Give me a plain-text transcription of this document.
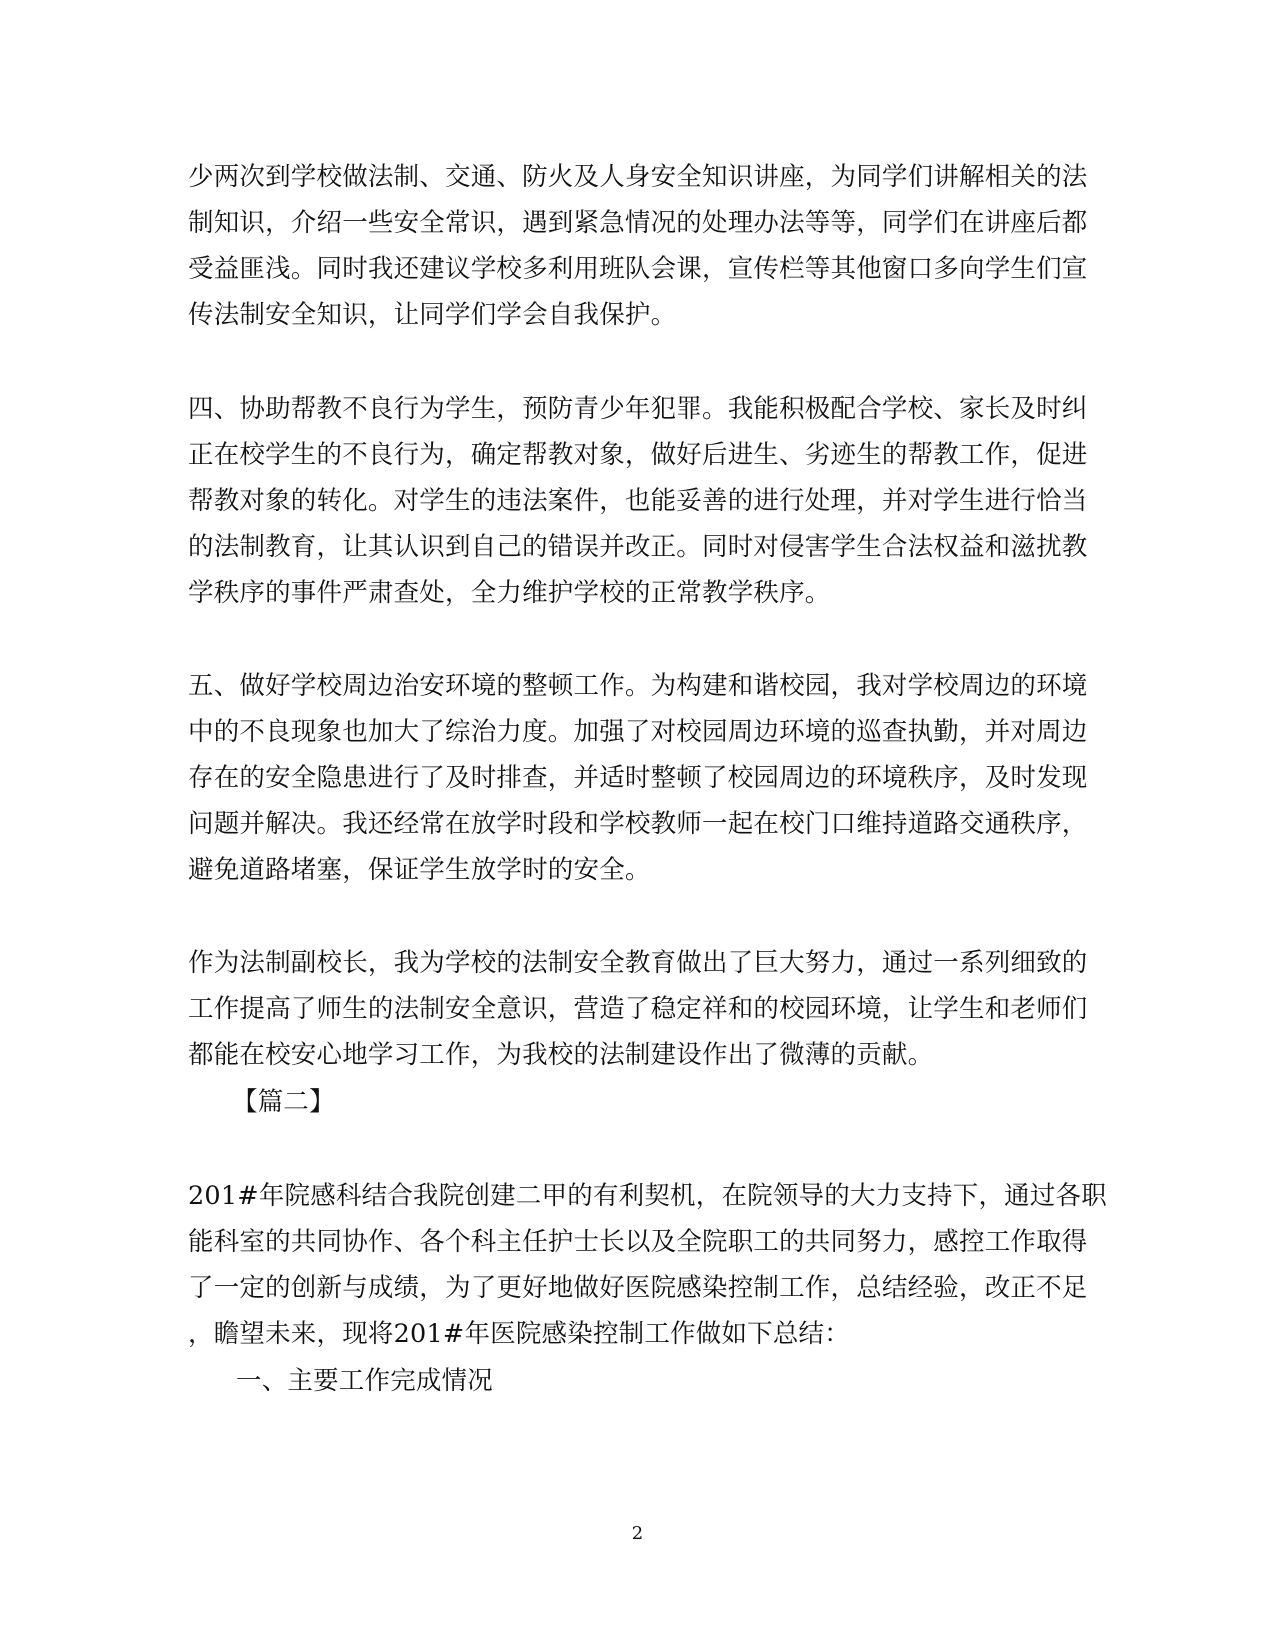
少两次到学校做法制、交通、防火及人身安全知识讲座，为同学们讲解相关的法
制知识，介绍一些安全常识，遇到紧急情况的处理办法等等，同学们在讲座后都
受益匪浅。同时我还建议学校多利用班队会课，宣传栏等其他窗口多向学生们宣
传法制安全知识，让同学们学会自我保护。
四、协助帮教不良行为学生，预防青少年犯罪。我能积极配合学校、家长及时纠
正在校学生的不良行为，确定帮教对象，做好后进生、劣迹生的帮教工作，促进
帮教对象的转化。对学生的违法案件，也能妥善的进行处理，并对学生进行恰当
的法制教育，让其认识到自己的错误并改正。同时对侵害学生合法权益和滋扰教
学秩序的事件严肃查处，全力维护学校的正常教学秩序。
五、做好学校周边治安环境的整顿工作。为构建和谐校园，我对学校周边的环境
中的不良现象也加大了综治力度。加强了对校园周边环境的巡查执勤，并对周边
存在的安全隐患进行了及时排查，并适时整顿了校园周边的环境秩序，及时发现
问题并解决。我还经常在放学时段和学校教师一起在校门口维持道路交通秩序，
避免道路堵塞，保证学生放学时的安全。
作为法制副校长，我为学校的法制安全教育做出了巨大努力，通过一系列细致的
工作提高了师生的法制安全意识，营造了稳定祥和的校园环境，让学生和老师们
都能在校安心地学习工作，为我校的法制建设作出了微薄的贡献。
【篇二】
201#年院感科结合我院创建二甲的有利契机，在院领导的大力支持下，通过各职
能科室的共同协作、各个科主任护士长以及全院职工的共同努力，感控工作取得
了一定的创新与成绩，为了更好地做好医院感染控制工作，总结经验，改正不足
，瞻望未来，现将201#年医院感染控制工作做如下总结：
一、主要工作完成情况
2
